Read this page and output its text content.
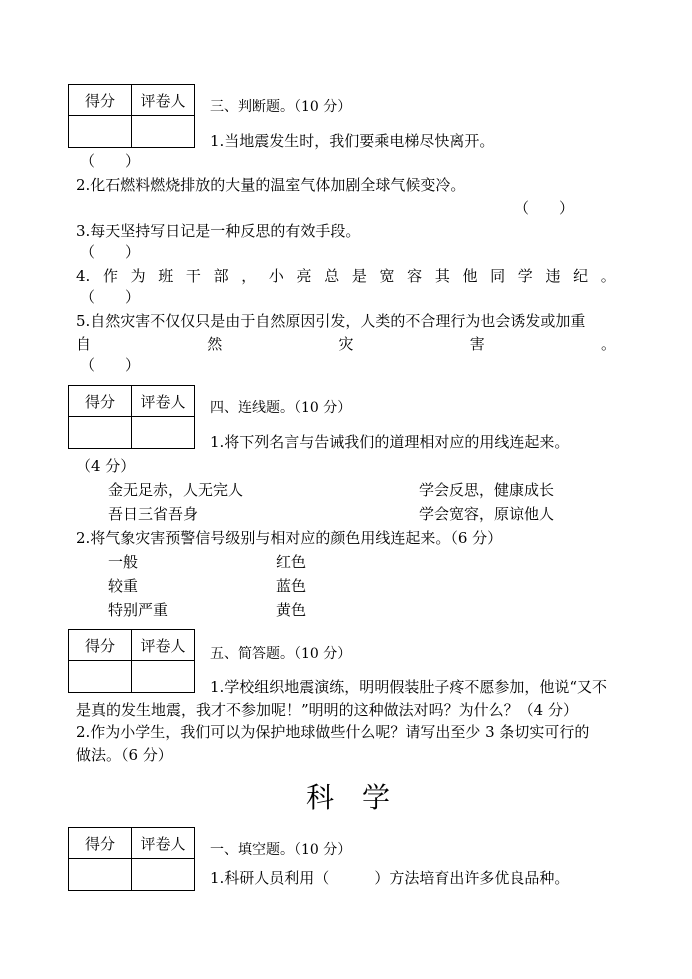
得分	评卷人
	三、判断题。（10 分）
1.当地震发生时，我们要乘电梯尽快离开。
（　　）
2.化石燃料燃烧排放的大量的温室气体加剧全球气候变冷。
（　　）
3.每天坚持写日记是一种反思的有效手段。
（　　）
4. 作 为 班 干 部 ， 小 亮 总 是 宽 容 其 他 同 学 违 纪 。
（　　）
5.自然灾害不仅仅只是由于自然原因引发，人类的不合理行为也会诱发或加重
自	然	灾	害	。
（　　）
得分	评卷人
	四、连线题。（10 分）
1.将下列名言与告诫我们的道理相对应的用线连起来。
（4 分）
金无足赤，人无完人	学会反思，健康成长
吾日三省吾身	学会宽容，原谅他人
2.将气象灾害预警信号级别与相对应的颜色用线连起来。（6 分）
一般	红色
较重	蓝色
特别严重	黄色
得分	评卷人
	五、简答题。（10 分）
1.学校组织地震演练，明明假装肚子疼不愿参加，他说“又不
是真的发生地震，我才不参加呢！”明明的这种做法对吗？为什么？（4 分）
2.作为小学生，我们可以为保护地球做些什么呢？请写出至少 3 条切实可行的
做法。（6 分）
科学
得分	评卷人
	一、填空题。（10 分）
1.科研人员利用（　　　）方法培育出许多优良品种。
